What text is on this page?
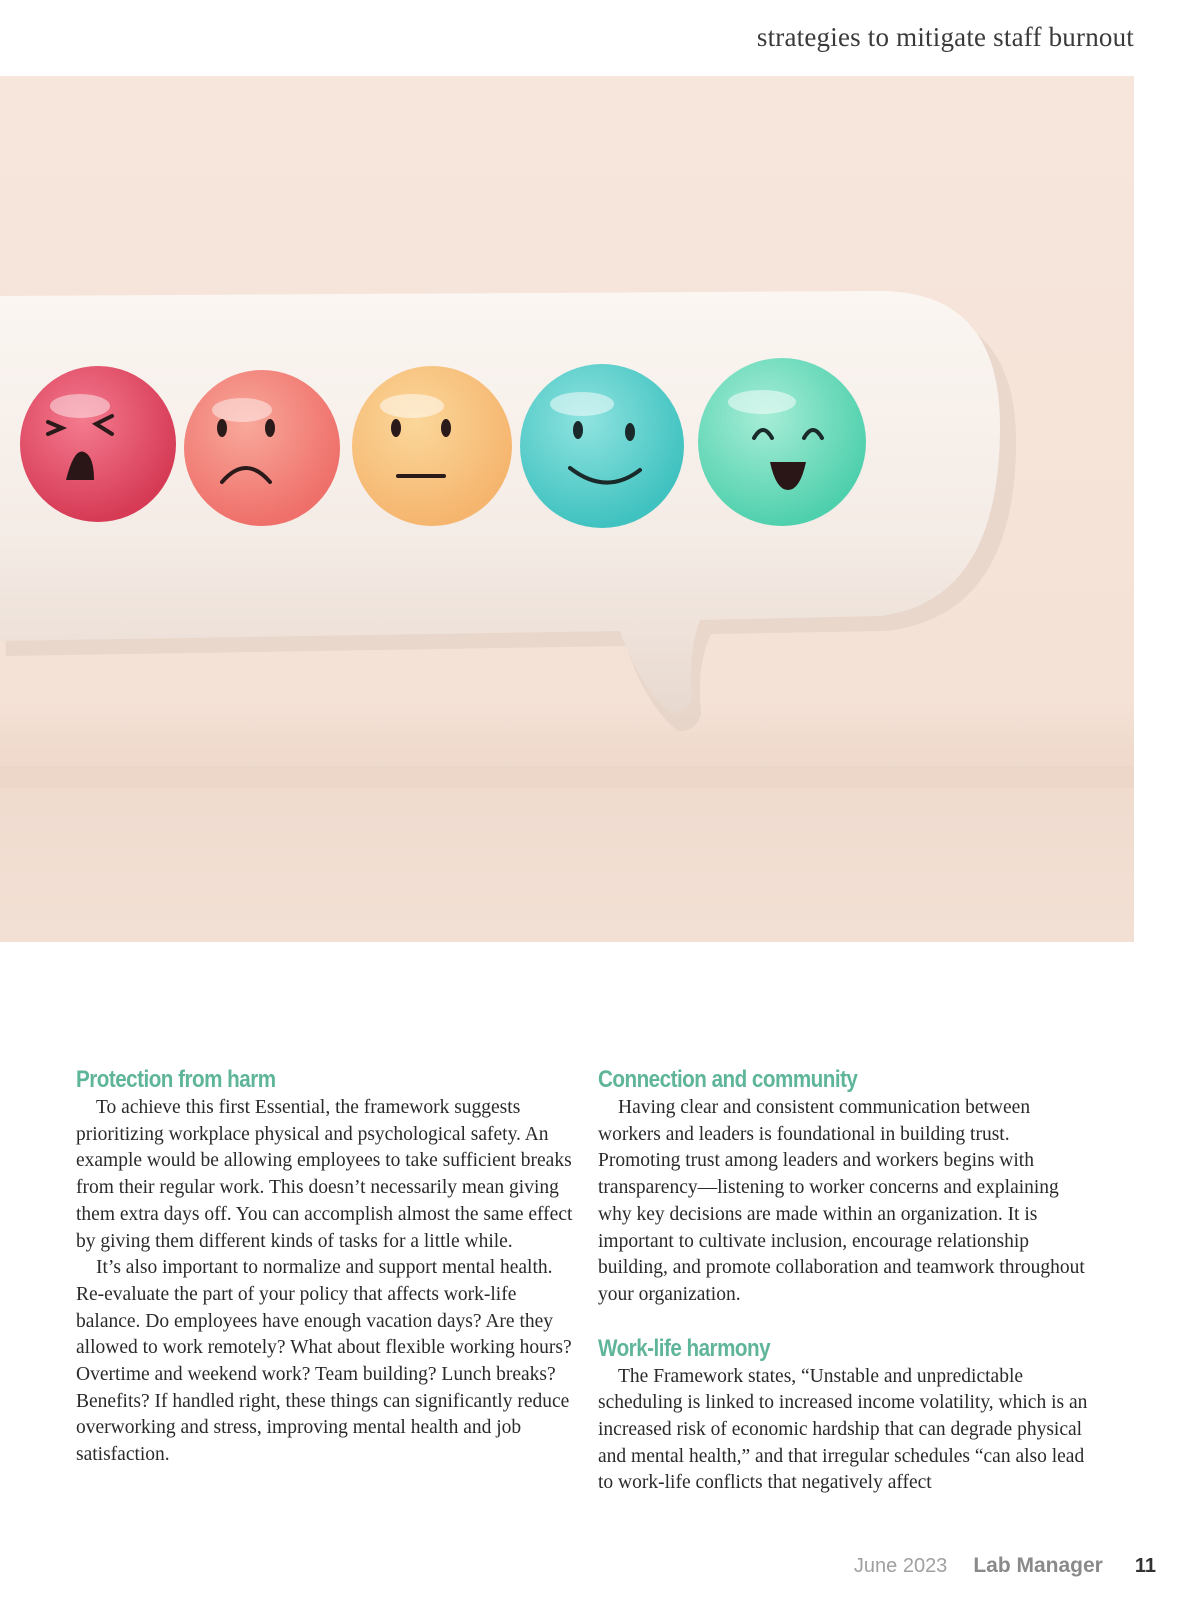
strategies to mitigate staff burnout
Protection from harm

To achieve this first Essential, the framework suggests prioritizing workplace physical and psychological safety. An example would be allowing employees to take sufficient breaks from their regular work. This doesn’t necessarily mean giving them extra days off. You can accomplish almost the same effect by giving them different kinds of tasks for a little while.

It’s also important to normalize and support mental health. Re-evaluate the part of your policy that affects work-life balance. Do employees have enough vacation days? Are they allowed to work remotely? What about flexible working hours? Overtime and weekend work? Team building? Lunch breaks? Benefits? If handled right, these things can significantly reduce overworking and stress, improving mental health and job satisfaction.

Connection and community

Having clear and consistent communication between workers and leaders is foundational in building trust. Promoting trust among leaders and workers begins with transparency—listening to worker concerns and explaining why key decisions are made within an organization. It is important to cultivate inclusion, encourage relationship building, and promote collaboration and teamwork throughout your organization.

Work-life harmony

The Framework states, “Unstable and unpredictable scheduling is linked to increased income volatility, which is an increased risk of economic hardship that can degrade physical and mental health,” and that irregular schedules “can also lead to work-life conflicts that negatively affect

June 2023 Lab Manager 11
